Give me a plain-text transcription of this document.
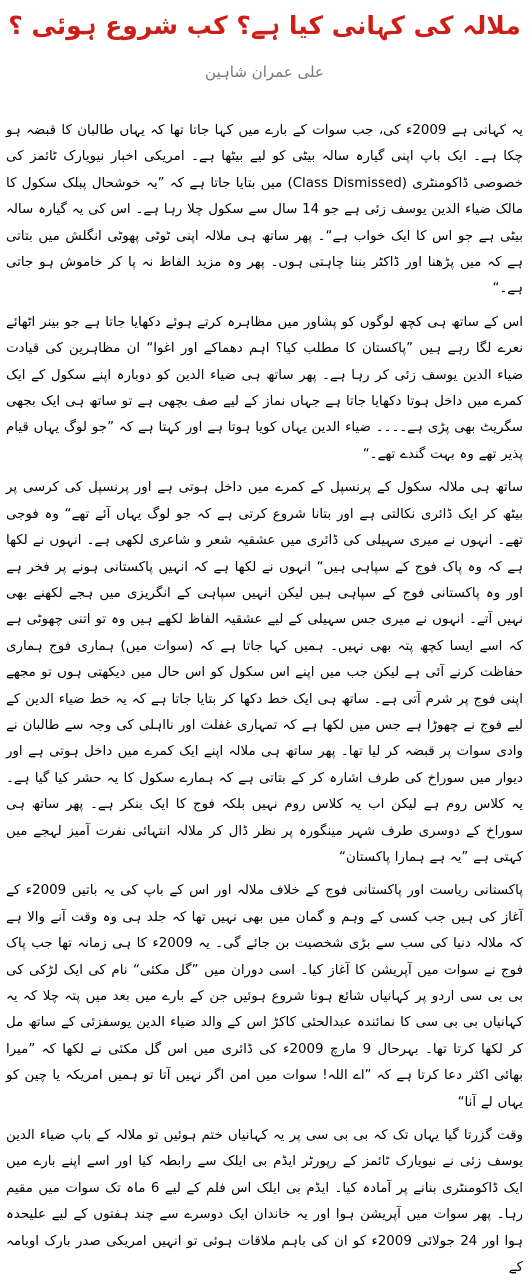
ملالہ کی کہانی کیا ہے؟ کب شروع ہوئی ؟
علی عمران شاہین

یہ کہانی ہے 2009ء کی، جب سوات کے بارے میں کہا جاتا تھا کہ یہاں طالبان کا قبضہ ہو چکا ہے۔ ایک باپ اپنی گیارہ سالہ بیٹی کو لیے بیٹھا ہے۔ امریکی اخبار نیویارک ٹائمز کی خصوصی ڈاکومنٹری (Class Dismissed) میں بتایا جاتا ہے کہ ”یہ خوشحال پبلک سکول کا مالک ضیاء الدین یوسف زئی ہے جو 14 سال سے سکول چلا رہا ہے۔ اس کی یہ گیارہ سالہ بیٹی ہے جو اس کا ایک خواب ہے“۔ پھر ساتھ ہی ملالہ اپنی ٹوٹی پھوٹی انگلش میں بتاتی ہے کہ میں پڑھنا اور ڈاکٹر بننا چاہتی ہوں۔ پھر وہ مزید الفاظ نہ پا کر خاموش ہو جاتی ہے۔“

اس کے ساتھ ہی کچھ لوگوں کو پشاور میں مظاہرہ کرتے ہوئے دکھایا جاتا ہے جو بینر اٹھائے نعرے لگا رہے ہیں ”پاکستان کا مطلب کیا؟ اہم دھماکے اور اغوا“ ان مظاہرین کی قیادت ضیاء الدین یوسف زئی کر رہا ہے۔ پھر ساتھ ہی ضیاء الدین کو دوبارہ اپنے سکول کے ایک کمرے میں داخل ہوتا دکھایا جاتا ہے جہاں نماز کے لیے صف بچھی ہے تو ساتھ ہی ایک بجھی سگریٹ بھی پڑی ہے۔۔۔۔ ضیاء الدین یہاں کویا ہوتا ہے اور کہتا ہے کہ ”جو لوگ یہاں قیام پذیر تھے وہ بہت گندے تھے۔“

ساتھ ہی ملالہ سکول کے پرنسپل کے کمرے میں داخل ہوتی ہے اور پرنسپل کی کرسی پر بیٹھ کر ایک ڈائری نکالتی ہے اور بتانا شروع کرتی ہے کہ جو لوگ یہاں آئے تھے“ وہ فوجی تھے۔ انہوں نے میری سہیلی کی ڈائری میں عشقیہ شعر و شاعری لکھی ہے۔ انہوں نے لکھا ہے کہ وہ پاک فوج کے سپاہی ہیں“ انہوں نے لکھا ہے کہ انہیں پاکستانی ہونے پر فخر ہے اور وہ پاکستانی فوج کے سپاہی ہیں لیکن انہیں سپاہی کے انگریزی میں ہجے لکھنے بھی نہیں آتے۔ انہوں نے میری جس سہیلی کے لیے عشقیہ الفاظ لکھے ہیں وہ تو اتنی چھوٹی ہے کہ اسے ایسا کچھ پتہ بھی نہیں۔ ہمیں کہا جاتا ہے کہ (سوات میں) ہماری فوج ہماری حفاظت کرنے آئی ہے لیکن جب میں اپنے اس سکول کو اس حال میں دیکھتی ہوں تو مجھے اپنی فوج پر شرم آتی ہے۔ ساتھ ہی ایک خط دکھا کر بتایا جاتا ہے کہ یہ خط ضیاء الدین کے لیے فوج نے چھوڑا ہے جس میں لکھا ہے کہ تمہاری غفلت اور نااہلی کی وجہ سے طالبان نے وادی سوات پر قبضہ کر لیا تھا۔ پھر ساتھ ہی ملالہ اپنے ایک کمرے میں داخل ہوتی ہے اور دیوار میں سوراخ کی طرف اشارہ کر کے بتاتی ہے کہ ہمارے سکول کا یہ حشر کیا گیا ہے۔ یہ کلاس روم ہے لیکن اب یہ کلاس روم نہیں بلکہ فوج کا ایک بنکر ہے۔ پھر ساتھ ہی سوراخ کے دوسری طرف شہر مینگورہ پر نظر ڈال کر ملالہ انتہائی نفرت آمیز لہجے میں کہتی ہے ”یہ ہے ہمارا پاکستان“

پاکستانی ریاست اور پاکستانی فوج کے خلاف ملالہ اور اس کے باپ کی یہ باتیں 2009ء کے آغاز کی ہیں جب کسی کے وہم و گمان میں بھی نہیں تھا کہ جلد ہی وہ وقت آنے والا ہے کہ ملالہ دنیا کی سب سے بڑی شخصیت بن جائے گی۔ یہ 2009ء کا ہی زمانہ تھا جب پاک فوج نے سوات میں آپریشن کا آغاز کیا۔ اسی دوران میں ”گل مکئی“ نام کی ایک لڑکی کی بی بی سی اردو پر کہانیاں شائع ہونا شروع ہوئیں جن کے بارے میں بعد میں پتہ چلا کہ یہ کہانیاں بی بی سی کا نمائندہ عبدالحئی کاکڑ اس کے والد ضیاء الدین یوسفزئی کے ساتھ مل کر لکھا کرتا تھا۔ بہرحال 9 مارچ 2009ء کی ڈائری میں اس گل مکئی نے لکھا کہ ”میرا بھائی اکثر دعا کرتا ہے کہ ”اے اللہ! سوات میں امن اگر نہیں آتا تو ہمیں امریکہ یا چین کو یہاں لے آنا“

وقت گزرتا گیا یہاں تک کہ بی بی سی پر یہ کہانیاں ختم ہوئیں تو ملالہ کے باپ ضیاء الدین یوسف زئی نے نیویارک ٹائمز کے رپورٹر ایڈم بی ایلک سے رابطہ کیا اور اسے اپنے بارے میں ایک ڈاکومنٹری بنانے پر آمادہ کیا۔ ایڈم بی ایلک اس فلم کے لیے 6 ماہ تک سوات میں مقیم رہا۔ پھر سوات میں آپریشن ہوا اور یہ خاندان ایک دوسرے سے چند ہفتوں کے لیے علیحدہ ہوا اور 24 جولائی 2009ء کو ان کی باہم ملاقات ہوئی تو انہیں امریکی صدر بارک اوبامہ کے
